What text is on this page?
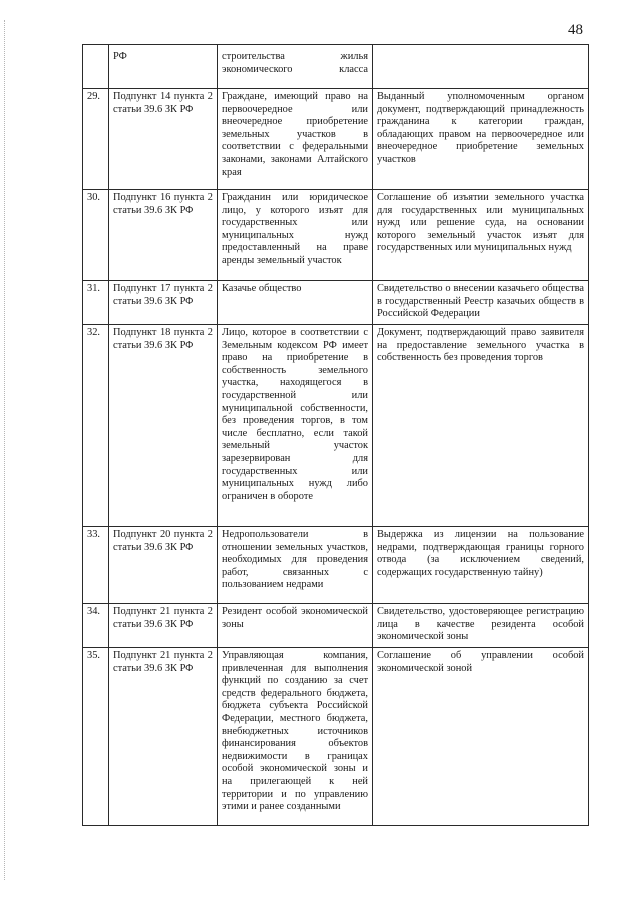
48
	РФ	строительства жилья экономического класса	
29.	Подпункт 14 пункта 2 статьи 39.6 ЗК РФ	Граждане, имеющий право на первоочередное или внеочередное приобретение земельных участков в соответствии с федеральными законами, законами Алтайского края	Выданный уполномоченным органом документ, подтверждающий принадлежность гражданина к категории граждан, обладающих правом на первоочередное или внеочередное приобретение земельных участков
30.	Подпункт 16 пункта 2 статьи 39.6 ЗК РФ	Гражданин или юридическое лицо, у которого изъят для государственных или муниципальных нужд предоставленный на праве аренды земельный участок	Соглашение об изъятии земельного участка для государственных или муниципальных нужд или решение суда, на основании которого земельный участок изъят для государственных или муниципальных нужд
31.	Подпункт 17 пункта 2 статьи 39.6 ЗК РФ	Казачье общество	Свидетельство о внесении казачьего общества в государственный Реестр казачьих обществ в Российской Федерации
32.	Подпункт 18 пункта 2 статьи 39.6 ЗК РФ	Лицо, которое в соответствии с Земельным кодексом РФ имеет право на приобретение в собственность земельного участка, находящегося в государственной или муниципальной собственности, без проведения торгов, в том числе бесплатно, если такой земельный участок зарезервирован для государственных или муниципальных нужд либо ограничен в обороте	Документ, подтверждающий право заявителя на предоставление земельного участка в собственность без проведения торгов
33.	Подпункт 20 пункта 2 статьи 39.6 ЗК РФ	Недропользователи в отношении земельных участков, необходимых для проведения работ, связанных с пользованием недрами	Выдержка из лицензии на пользование недрами, подтверждающая границы горного отвода (за исключением сведений, содержащих государственную тайну)
34.	Подпункт 21 пункта 2 статьи 39.6 ЗК РФ	Резидент особой экономической зоны	Свидетельство, удостоверяющее регистрацию лица в качестве резидента особой экономической зоны
35.	Подпункт 21 пункта 2 статьи 39.6 ЗК РФ	Управляющая компания, привлеченная для выполнения функций по созданию за счет средств федерального бюджета, бюджета субъекта Российской Федерации, местного бюджета, внебюджетных источников финансирования объектов недвижимости в границах особой экономической зоны и на прилегающей к ней территории и по управлению этими и ранее созданными	Соглашение об управлении особой экономической зоной
